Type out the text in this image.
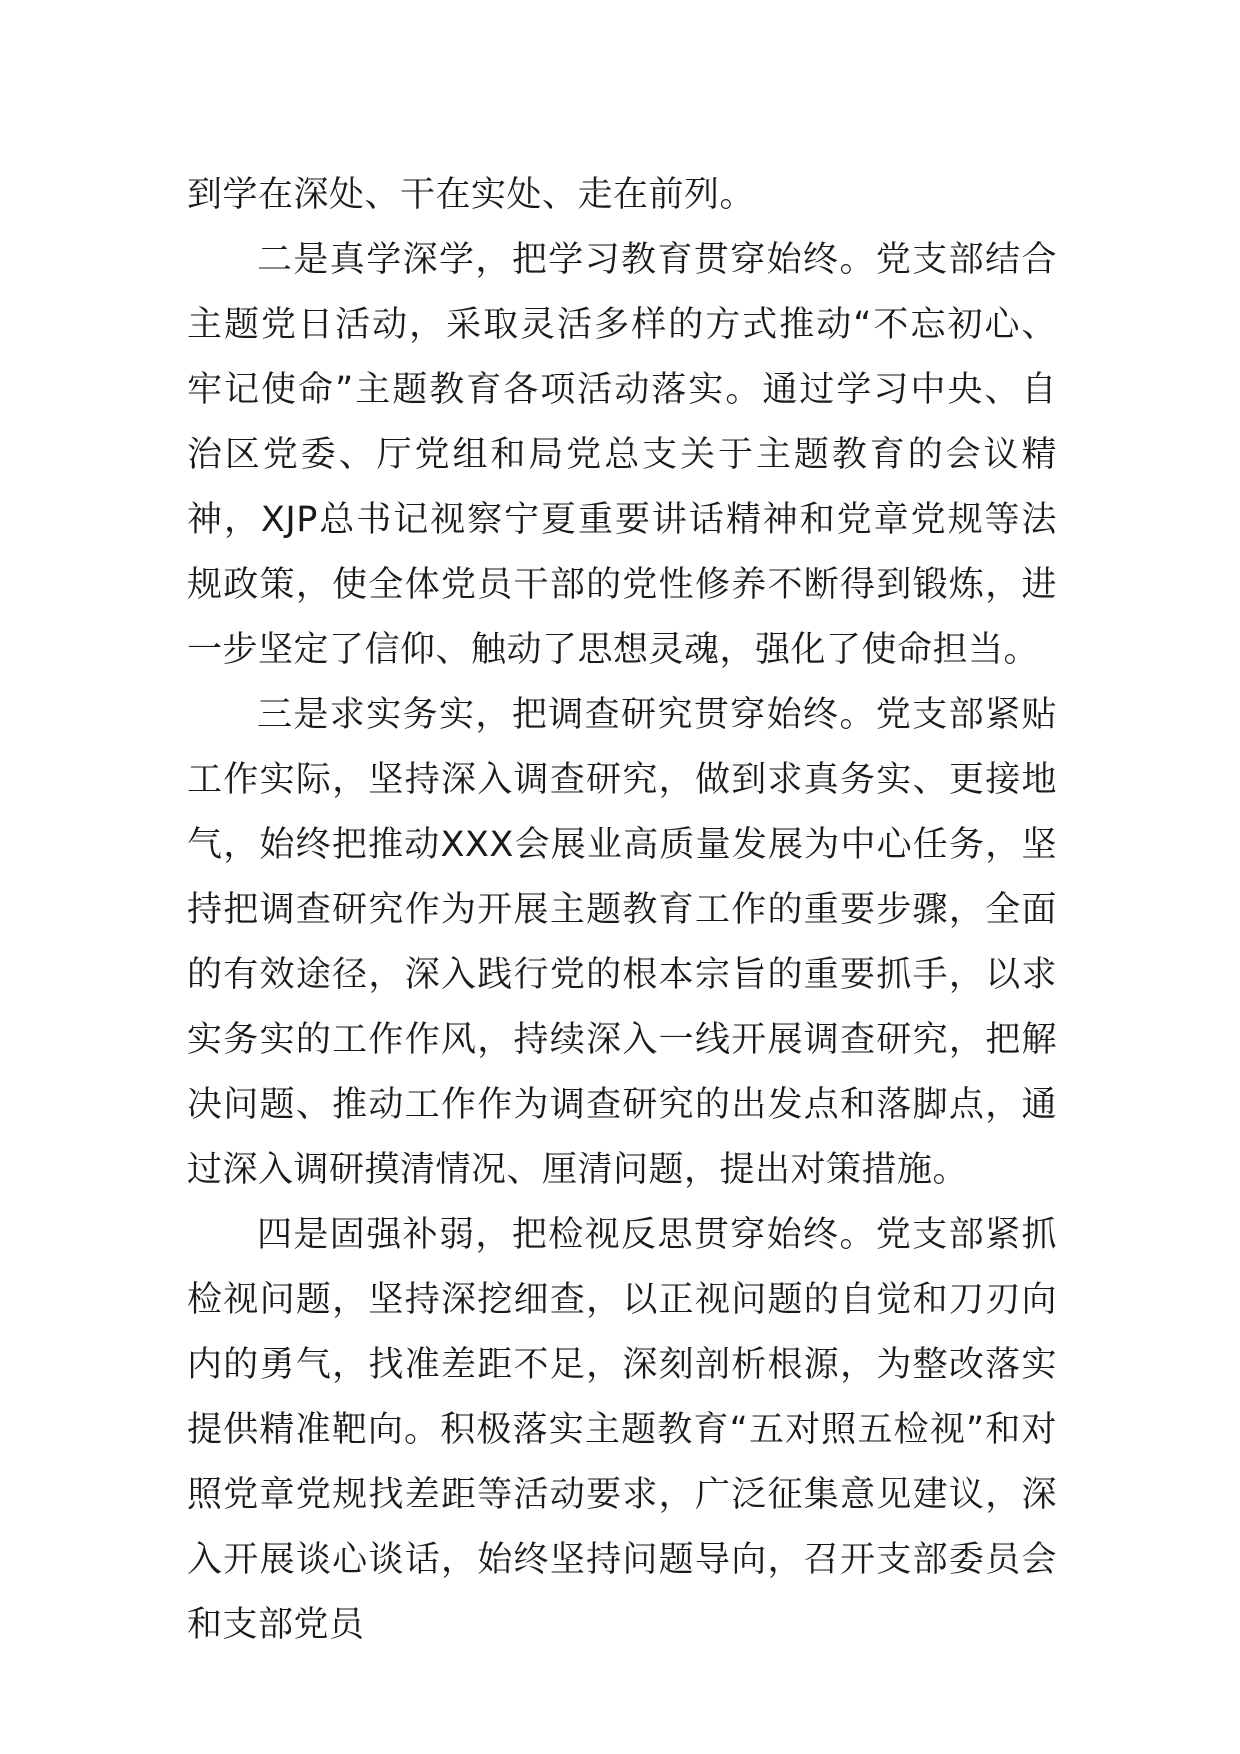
到学在深处、干在实处、走在前列。

二是真学深学，把学习教育贯穿始终。党支部结合主题党日活动，采取灵活多样的方式推动“不忘初心、牢记使命”主题教育各项活动落实。通过学习中央、自治区党委、厅党组和局党总支关于主题教育的会议精神，XJP总书记视察宁夏重要讲话精神和党章党规等法规政策，使全体党员干部的党性修养不断得到锻炼，进一步坚定了信仰、触动了思想灵魂，强化了使命担当。

三是求实务实，把调查研究贯穿始终。党支部紧贴工作实际，坚持深入调查研究，做到求真务实、更接地气，始终把推动XXX会展业高质量发展为中心任务，坚持把调查研究作为开展主题教育工作的重要步骤，全面的有效途径，深入践行党的根本宗旨的重要抓手，以求实务实的工作作风，持续深入一线开展调查研究，把解决问题、推动工作作为调查研究的出发点和落脚点，通过深入调研摸清情况、厘清问题，提出对策措施。

四是固强补弱，把检视反思贯穿始终。党支部紧抓检视问题，坚持深挖细查，以正视问题的自觉和刀刃向内的勇气，找准差距不足，深刻剖析根源，为整改落实提供精准靶向。积极落实主题教育“五对照五检视”和对照党章党规找差距等活动要求，广泛征集意见建议，深入开展谈心谈话，始终坚持问题导向，召开支部委员会和支部党员
